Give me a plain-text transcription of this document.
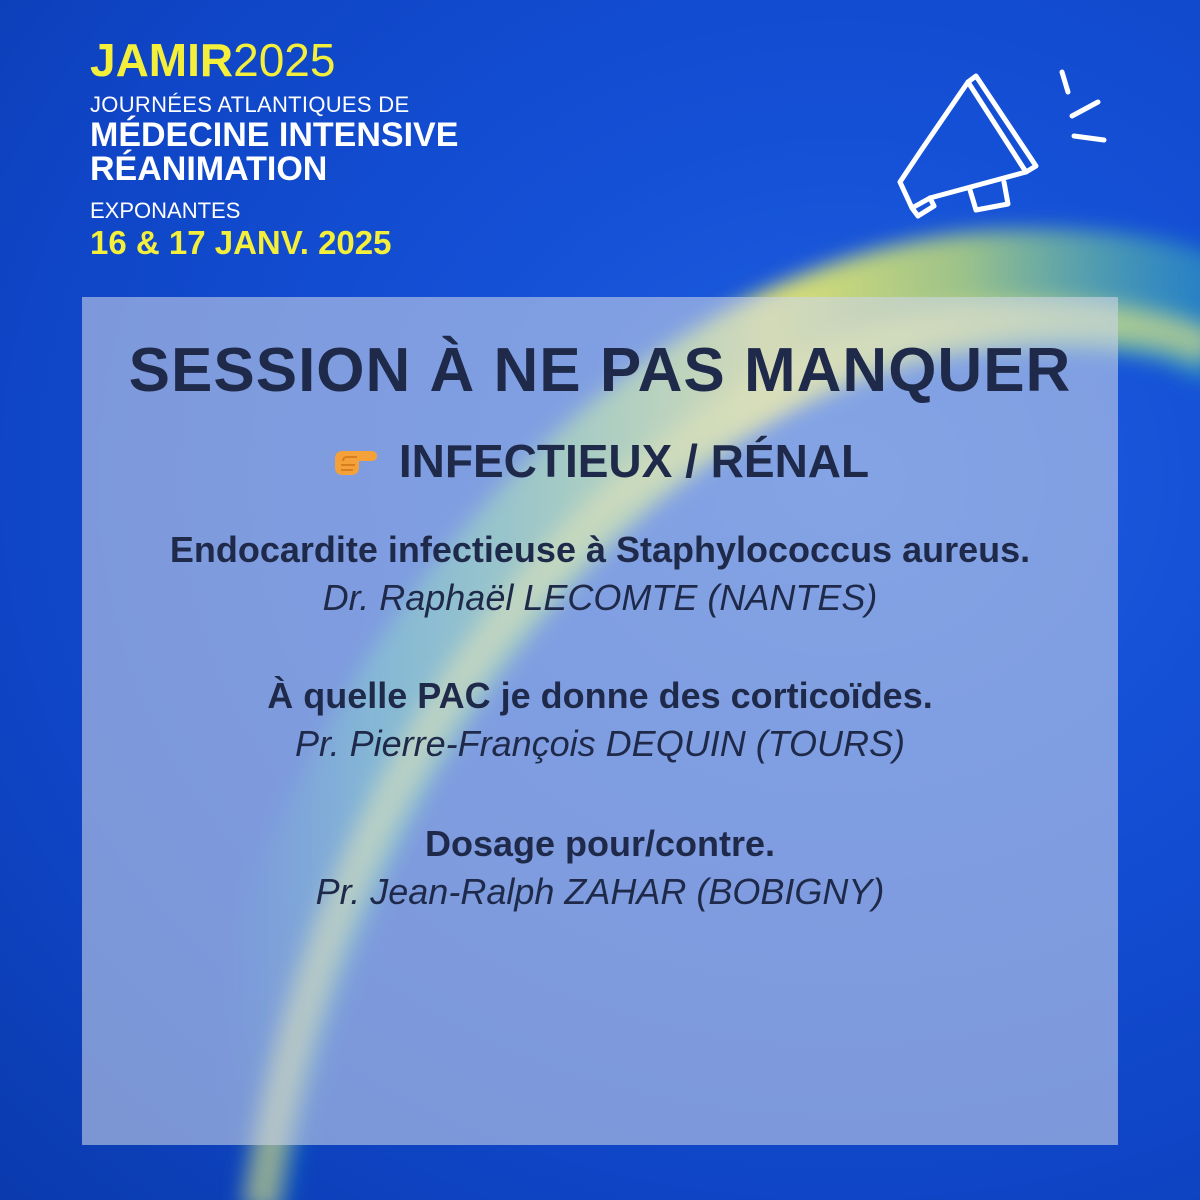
JAMIR2025
JOURNÉES ATLANTIQUES DE
MÉDECINE INTENSIVE
RÉANIMATION
EXPONANTES
16 & 17 JANV. 2025
SESSION À NE PAS MANQUER
INFECTIEUX / RÉNAL
Endocardite infectieuse à Staphylococcus aureus.
Dr. Raphaël LECOMTE (NANTES)
À quelle PAC je donne des corticoïdes.
Pr. Pierre-François DEQUIN (TOURS)
Dosage pour/contre.
Pr. Jean-Ralph ZAHAR (BOBIGNY)
